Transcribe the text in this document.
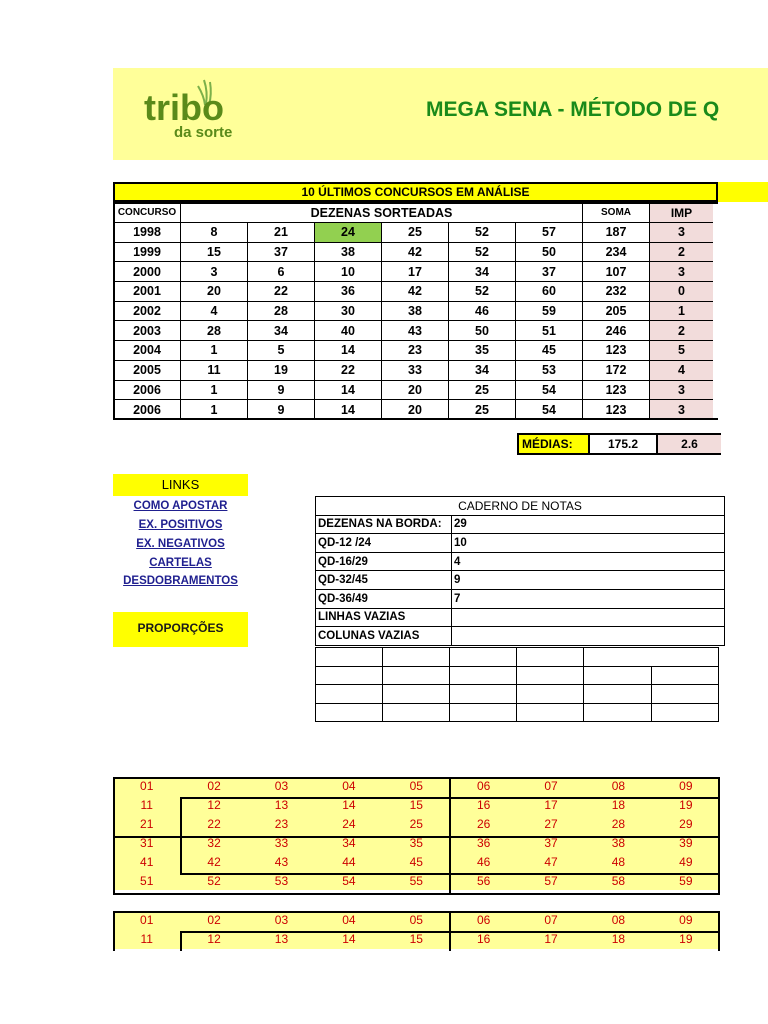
tribo
da sorte
MEGA SENA - MÉTODO DE Q
10 ÚLTIMOS CONCURSOS EM ANÁLISE
CONCURSO	DEZENAS SORTEADAS						SOMA	IMP
1998	8	21	24	25	52	57	187	3
1999	15	37	38	42	52	50	234	2
2000	3	6	10	17	34	37	107	3
2001	20	22	36	42	52	60	232	0
2002	4	28	30	38	46	59	205	1
2003	28	34	40	43	50	51	246	2
2004	1	5	14	23	35	45	123	5
2005	11	19	22	33	34	53	172	4
2006	1	9	14	20	25	54	123	3
2006	1	9	14	20	25	54	123	3
MÉDIAS:	175.2	2.6
LINKS
COMO APOSTAR
EX. POSITIVOS
EX. NEGATIVOS
CARTELAS
DESDOBRAMENTOS
PROPORÇÕES
CADERNO DE NOTAS	
DEZENAS NA BORDA:	29
QD-12 /24	10
QD-16/29	4
QD-32/45	9
QD-36/49	7
LINHAS VAZIAS	
COLUNAS VAZIAS	

01	02	03	04	05	06	07	08	09
11	12	13	14	15	16	17	18	19
21	22	23	24	25	26	27	28	29
31	32	33	34	35	36	37	38	39
41	42	43	44	45	46	47	48	49
51	52	53	54	55	56	57	58	59
01	02	03	04	05	06	07	08	09
11	12	13	14	15	16	17	18	19
